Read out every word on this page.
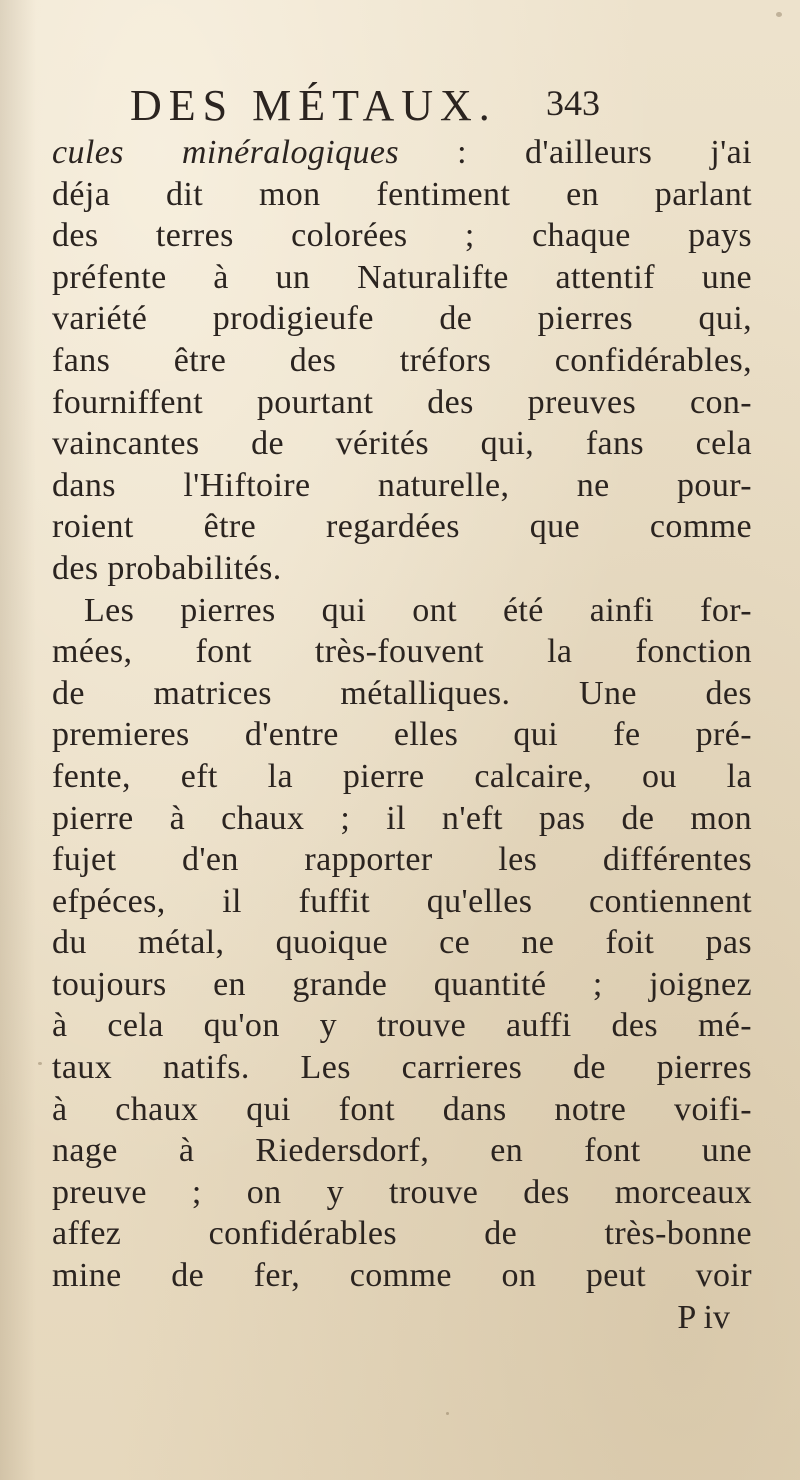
DES MÉTAUX. 343
cules minéralogiques : d'ailleurs j'ai
déja dit mon fentiment en parlant
des terres colorées ; chaque pays
préfente à un Naturalifte attentif une
variété prodigieufe de pierres qui,
fans être des tréfors confidérables,
fourniffent pourtant des preuves con-
vaincantes de vérités qui, fans cela
dans l'Hiftoire naturelle, ne pour-
roient être regardées que comme
des probabilités.
Les pierres qui ont été ainfi for-
mées, font très-fouvent la fonction
de matrices métalliques. Une des
premieres d'entre elles qui fe pré-
fente, eft la pierre calcaire, ou la
pierre à chaux ; il n'eft pas de mon
fujet d'en rapporter les différentes
efpéces, il fuffit qu'elles contiennent
du métal, quoique ce ne foit pas
toujours en grande quantité ; joignez
à cela qu'on y trouve auffi des mé-
taux natifs. Les carrieres de pierres
à chaux qui font dans notre voifi-
nage à Riedersdorf, en font une
preuve ; on y trouve des morceaux
affez confidérables de très-bonne
mine de fer, comme on peut voir
P iv
